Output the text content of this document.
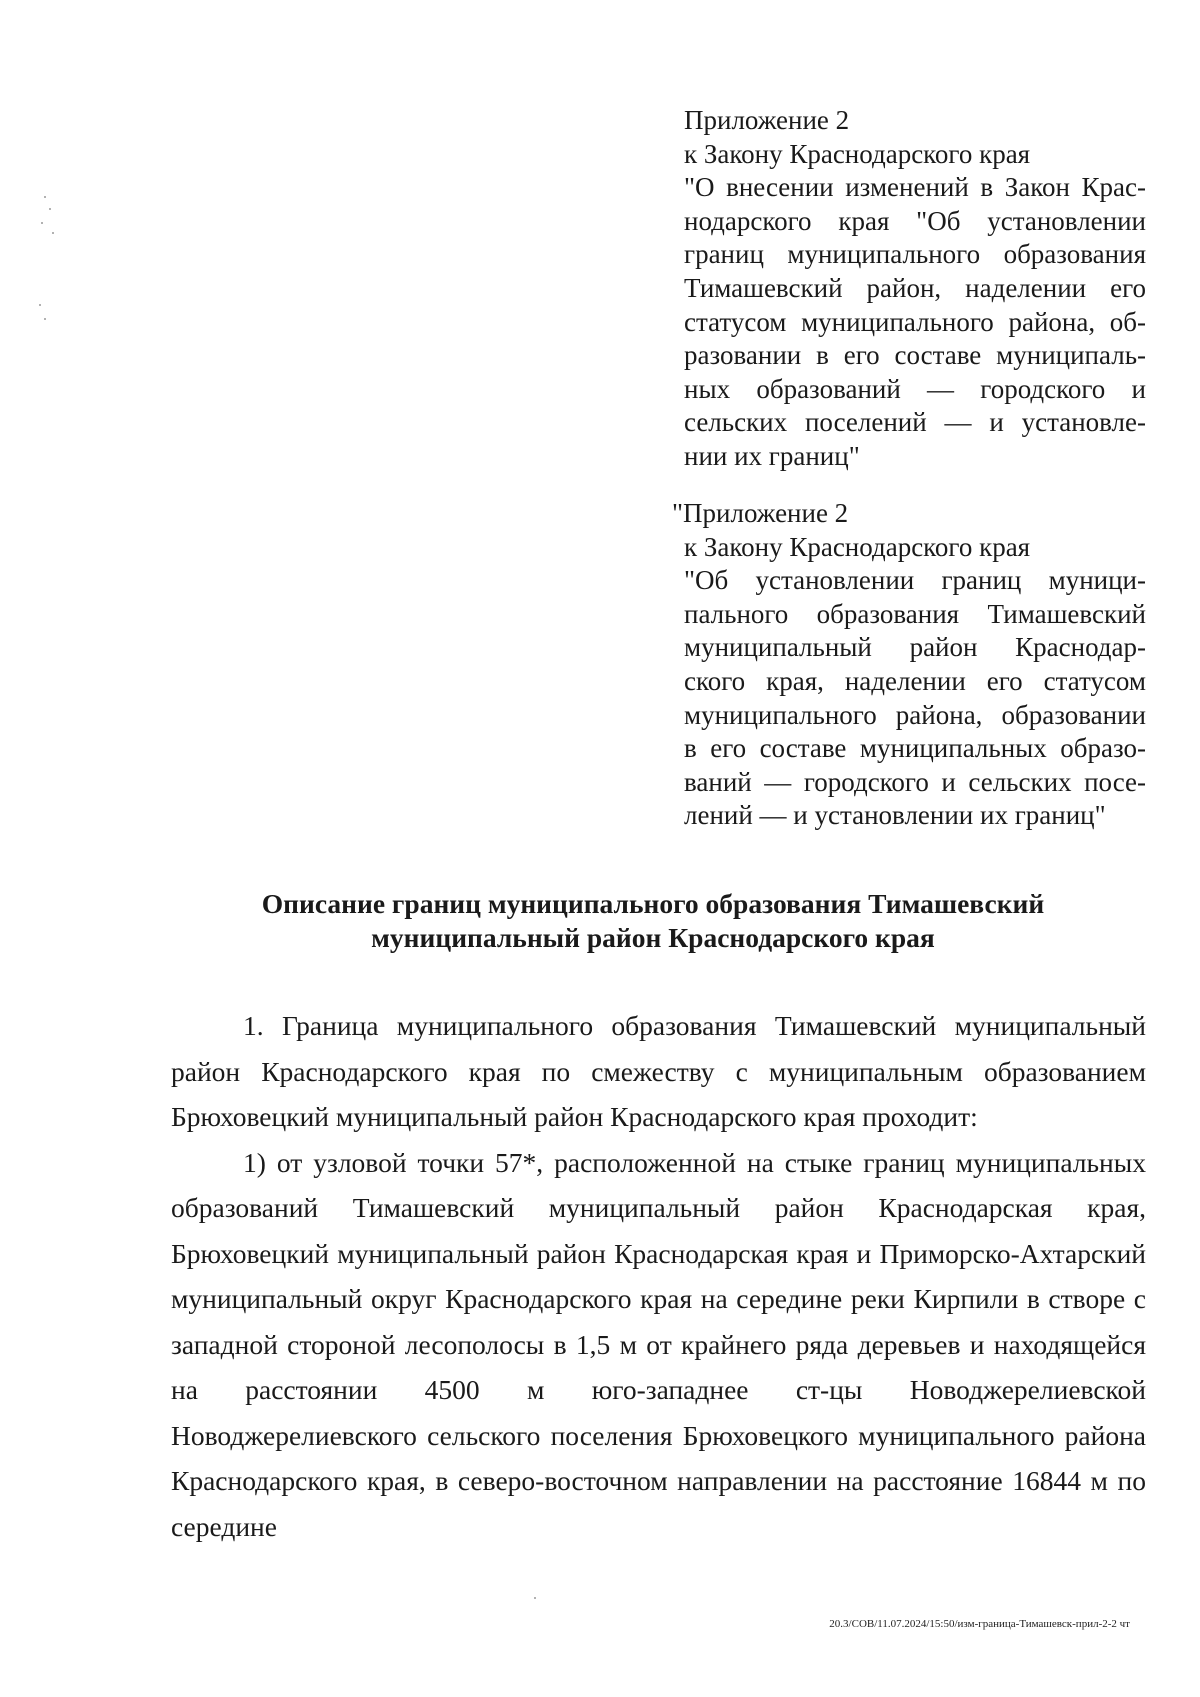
Приложение 2
к Закону Краснодарского края
"О внесении изменений в Закон Крас-
нодарского края "Об установлении
границ муниципального образования
Тимашевский район, наделении его
статусом муниципального района, об-
разовании в его составе муниципаль-
ных образований — городского и
сельских поселений — и установле-
нии их границ"
"Приложение 2
к Закону Краснодарского края
"Об установлении границ муници-
пального образования Тимашевский
муниципальный район Краснодар-
ского края, наделении его статусом
муниципального района, образовании
в его составе муниципальных образо-
ваний — городского и сельских посе-
лений — и установлении их границ"
Описание границ муниципального образования Тимашевский
муниципальный район Краснодарского края

1. Граница муниципального образования Тимашевский муниципальный район Краснодарского края по смежеству с муниципальным образованием Брюховецкий муниципальный район Краснодарского края проходит:

1) от узловой точки 57*, расположенной на стыке границ муниципальных образований Тимашевский муниципальный район Краснодарская края, Брюховецкий муниципальный район Краснодарская края и Приморско-Ахтарский муниципальный округ Краснодарского края на середине реки Кирпили в створе с западной стороной лесополосы в 1,5 м от крайнего ряда деревьев и находящейся на расстоянии 4500 м юго-западнее ст-цы Новоджерелиевской Новоджерелиевского сельского поселения Брюховецкого муниципального района Краснодарского края, в северо-восточном направлении на расстояние 16844 м по середине

20.3/СОВ/11.07.2024/15:50/изм-граница-Тимашевск-прил-2-2 чт
